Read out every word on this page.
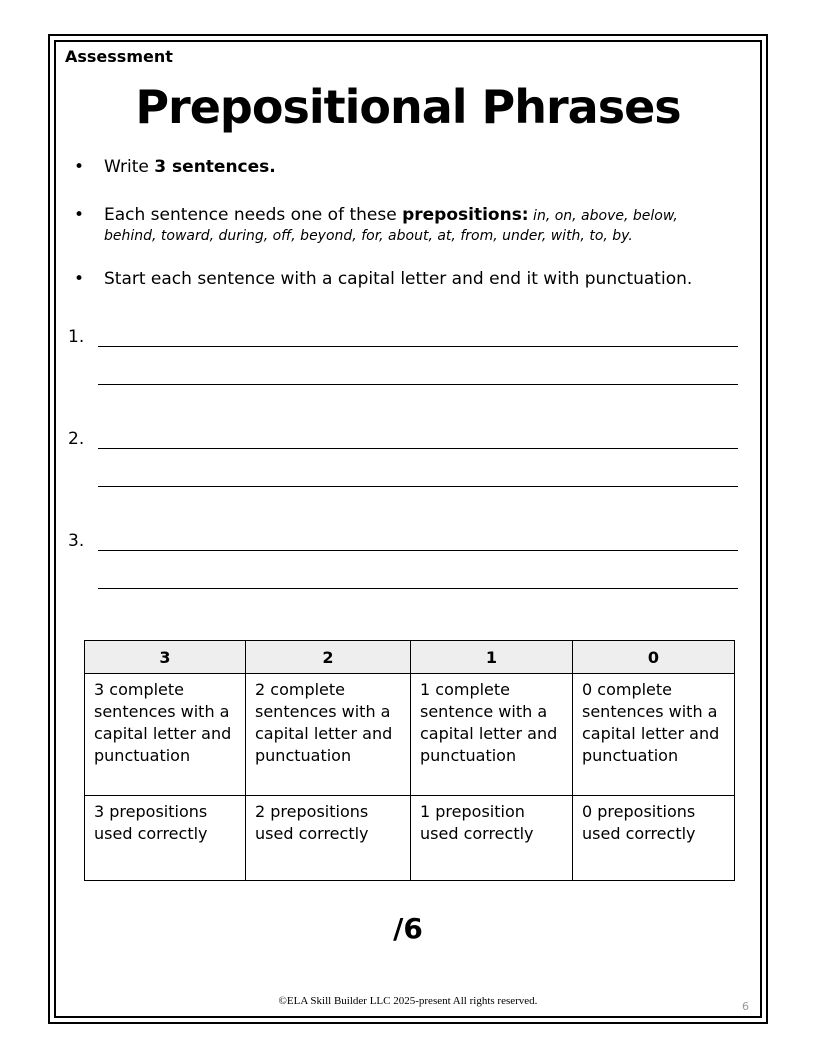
Assessment
Prepositional Phrases
• Write 3 sentences.
• Each sentence needs one of these prepositions: in, on, above, below,
behind, toward, during, off, beyond, for, about, at, from, under, with, to, by.
• Start each sentence with a capital letter and end it with punctuation.
1.
2.
3.
3	2	1	0
3 complete sentences with a capital letter and punctuation	2 complete sentences with a capital letter and punctuation	1 complete sentence with a capital letter and punctuation	0 complete sentences with a capital letter and punctuation
3 prepositions used correctly	2 prepositions used correctly	1 preposition used correctly	0 prepositions used correctly
/6
©ELA Skill Builder LLC 2025-present All rights reserved.	6
